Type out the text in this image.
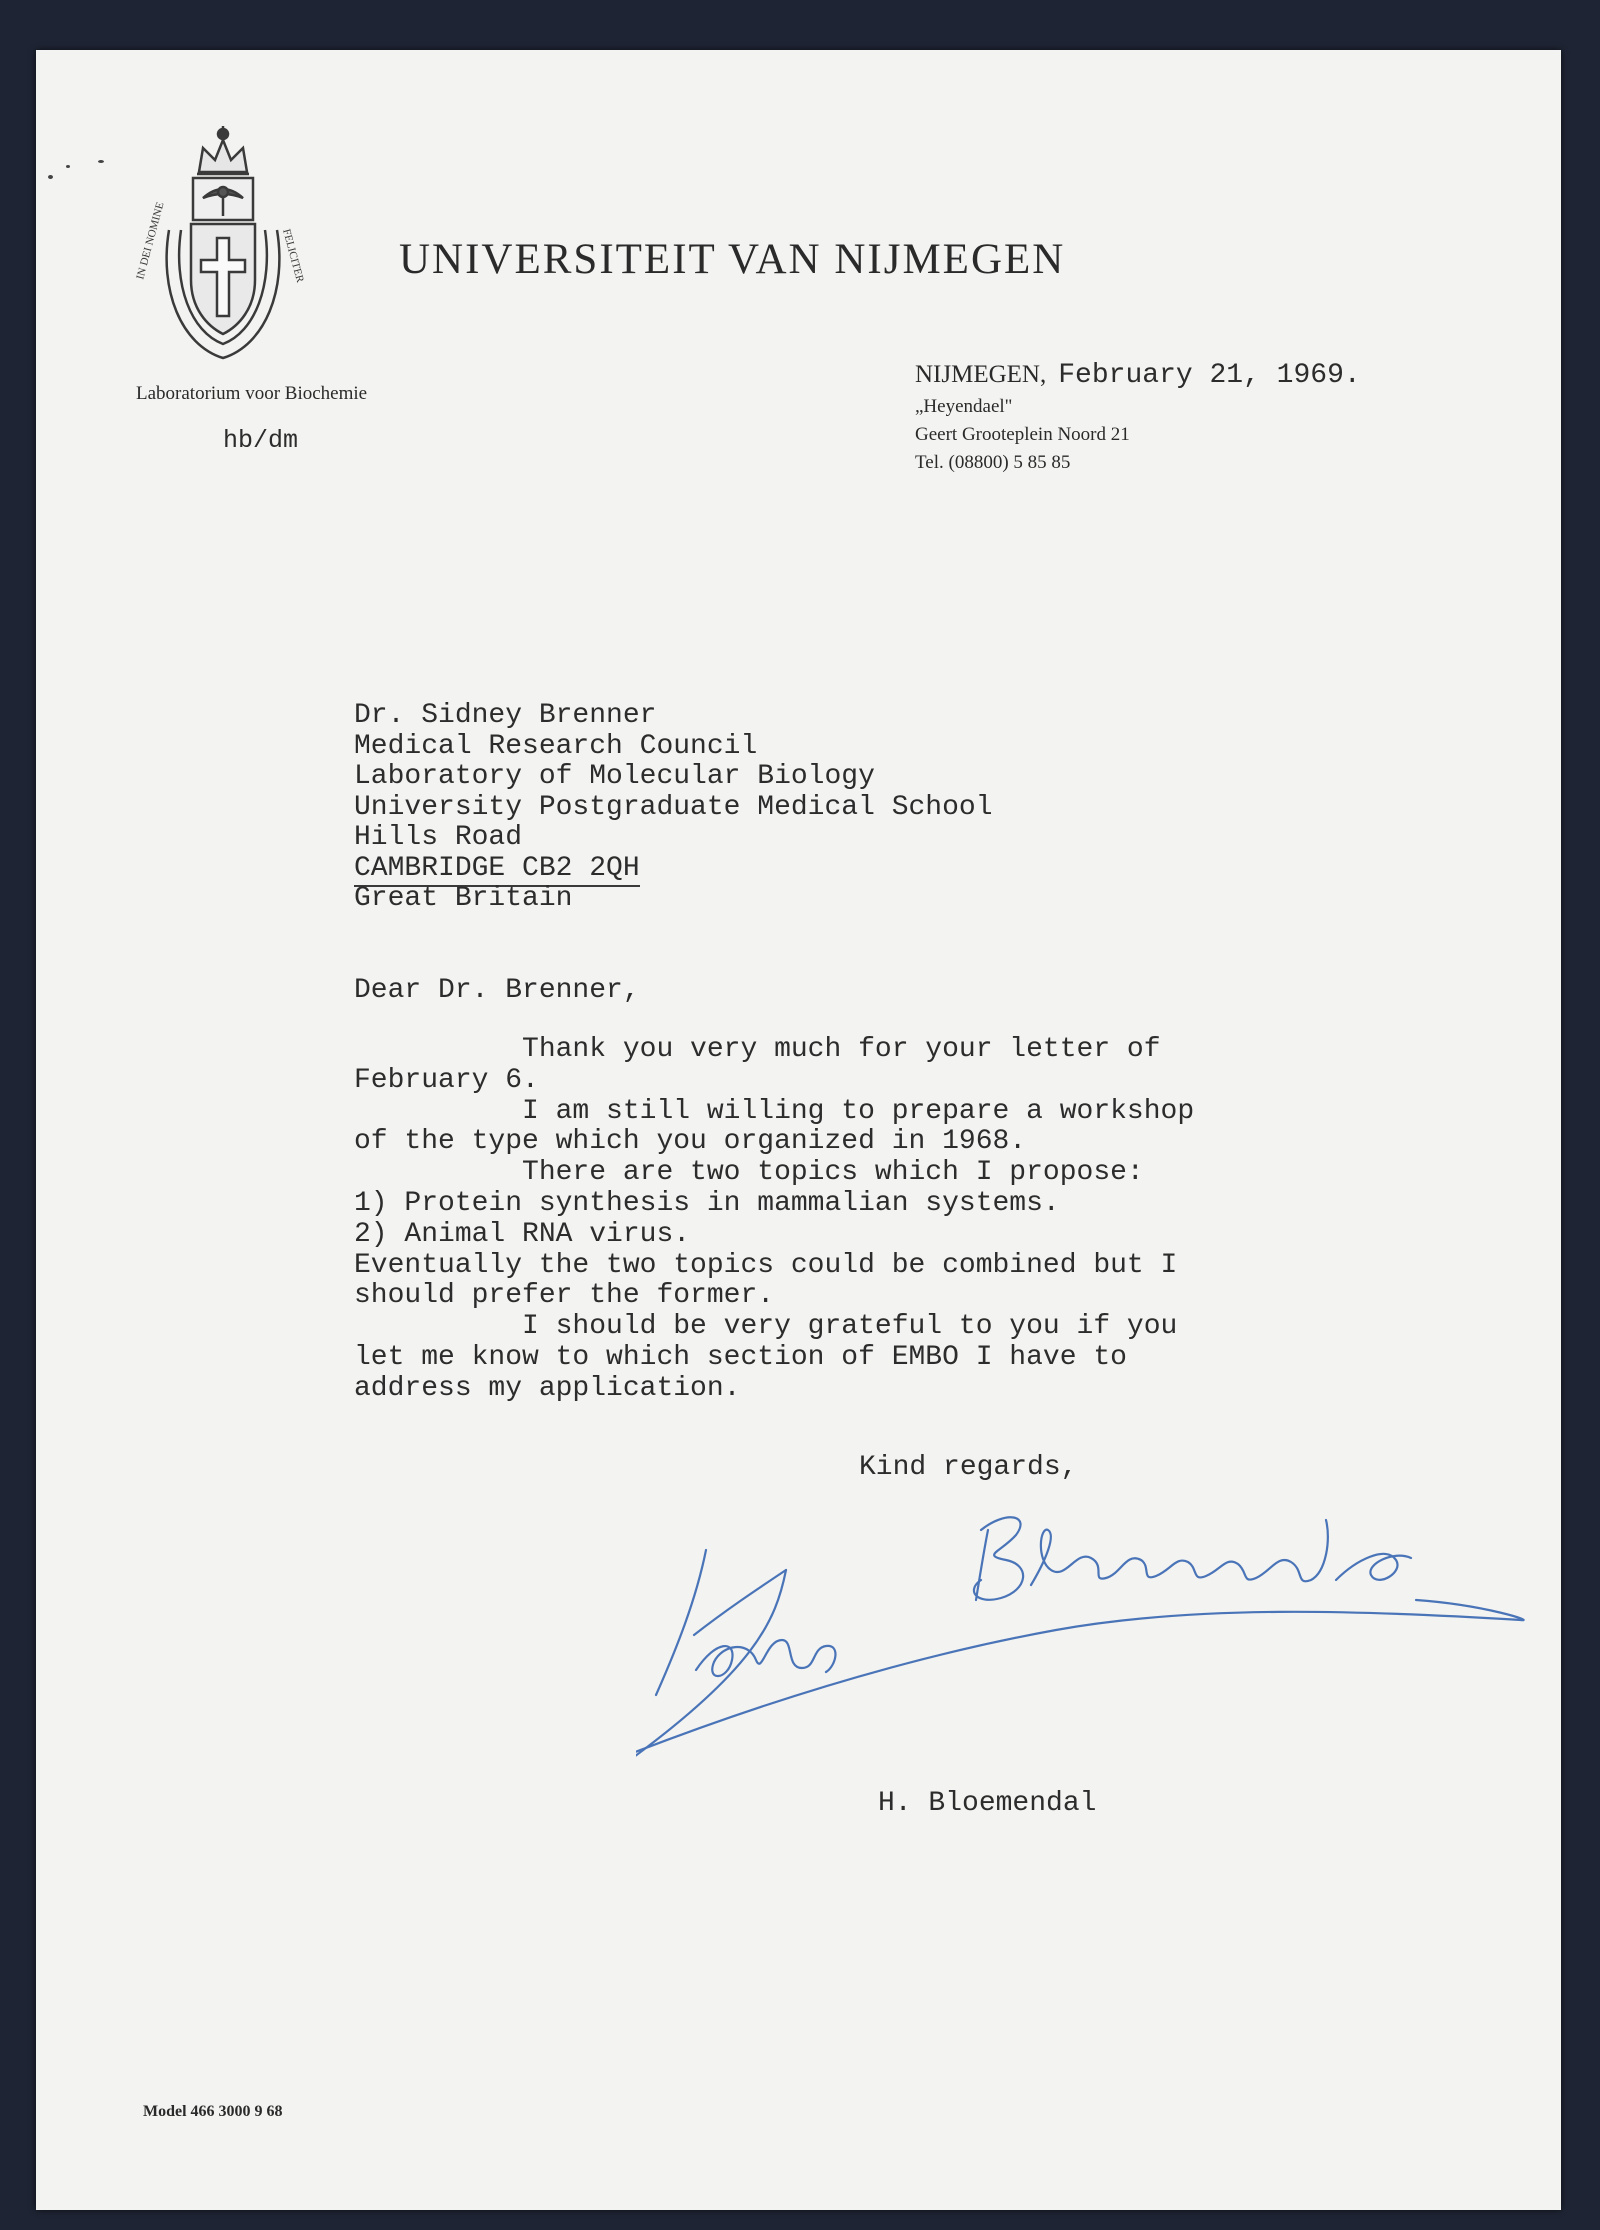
IN DEI NOMINE	FELICITER UNIVERSITEIT VAN NIJMEGEN
Laboratorium voor Biochemie
hb/dm
NIJMEGEN, February 21, 1969.
„Heyendael"
Geert Grooteplein Noord 21
Tel. (08800) 5 85 85
Dr. Sidney Brenner
Medical Research Council
Laboratory of Molecular Biology
University Postgraduate Medical School
Hills Road
CAMBRIDGE CB2 2QH
Great Britain
Dear Dr. Brenner,
Thank you very much for your letter of
February 6.
I am still willing to prepare a workshop
of the type which you organized in 1968.
There are two topics which I propose:
1) Protein synthesis in mammalian systems.
2) Animal RNA virus.
Eventually the two topics could be combined but I
should prefer the former.
I should be very grateful to you if you
let me know to which section of EMBO I have to
address my application.
Kind regards,
H. Bloemendal
Model 466 3000 9 68
